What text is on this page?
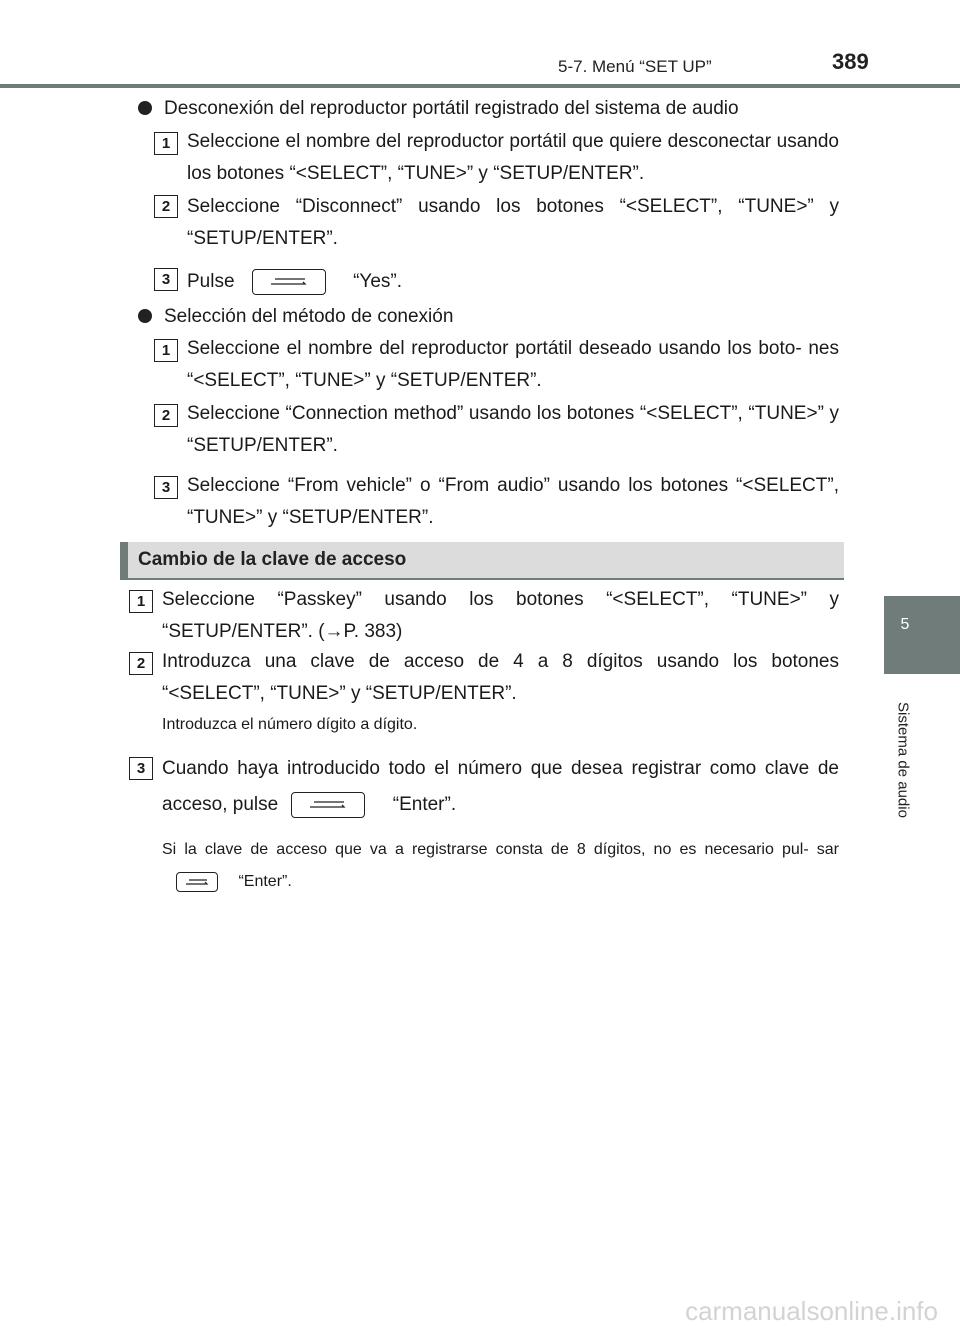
5-7. Menú “SET UP”	389
5
Sistema de audio
Desconexión del reproductor portátil registrado del sistema de audio
1 Seleccione el nombre del reproductor portátil que quiere desconectar usando los botones “<SELECT”, “TUNE>” y “SETUP/ENTER”.
2 Seleccione “Disconnect” usando los botones “<SELECT”, “TUNE>” y “SETUP/ENTER”.
3 Pulse	“Yes”.
Selección del método de conexión
1 Seleccione el nombre del reproductor portátil deseado usando los boto- nes “<SELECT”, “TUNE>” y “SETUP/ENTER”.
2 Seleccione “Connection method” usando los botones “<SELECT”, “TUNE>” y “SETUP/ENTER”.
3 Seleccione “From vehicle” o “From audio” usando los botones “<SELECT”, “TUNE>” y “SETUP/ENTER”.
Cambio de la clave de acceso
1 Seleccione “Passkey” usando los botones “<SELECT”, “TUNE>” y “SETUP/ENTER”. (→P. 383)
2 Introduzca una clave de acceso de 4 a 8 dígitos usando los botones “<SELECT”, “TUNE>” y “SETUP/ENTER”.
Introduzca el número dígito a dígito.
3 Cuando haya introducido todo el número que desea registrar como clave de acceso, pulse	“Enter”.
Si la clave de acceso que va a registrarse consta de 8 dígitos, no es necesario pul- sar
“Enter”.
carmanualsonline.info
